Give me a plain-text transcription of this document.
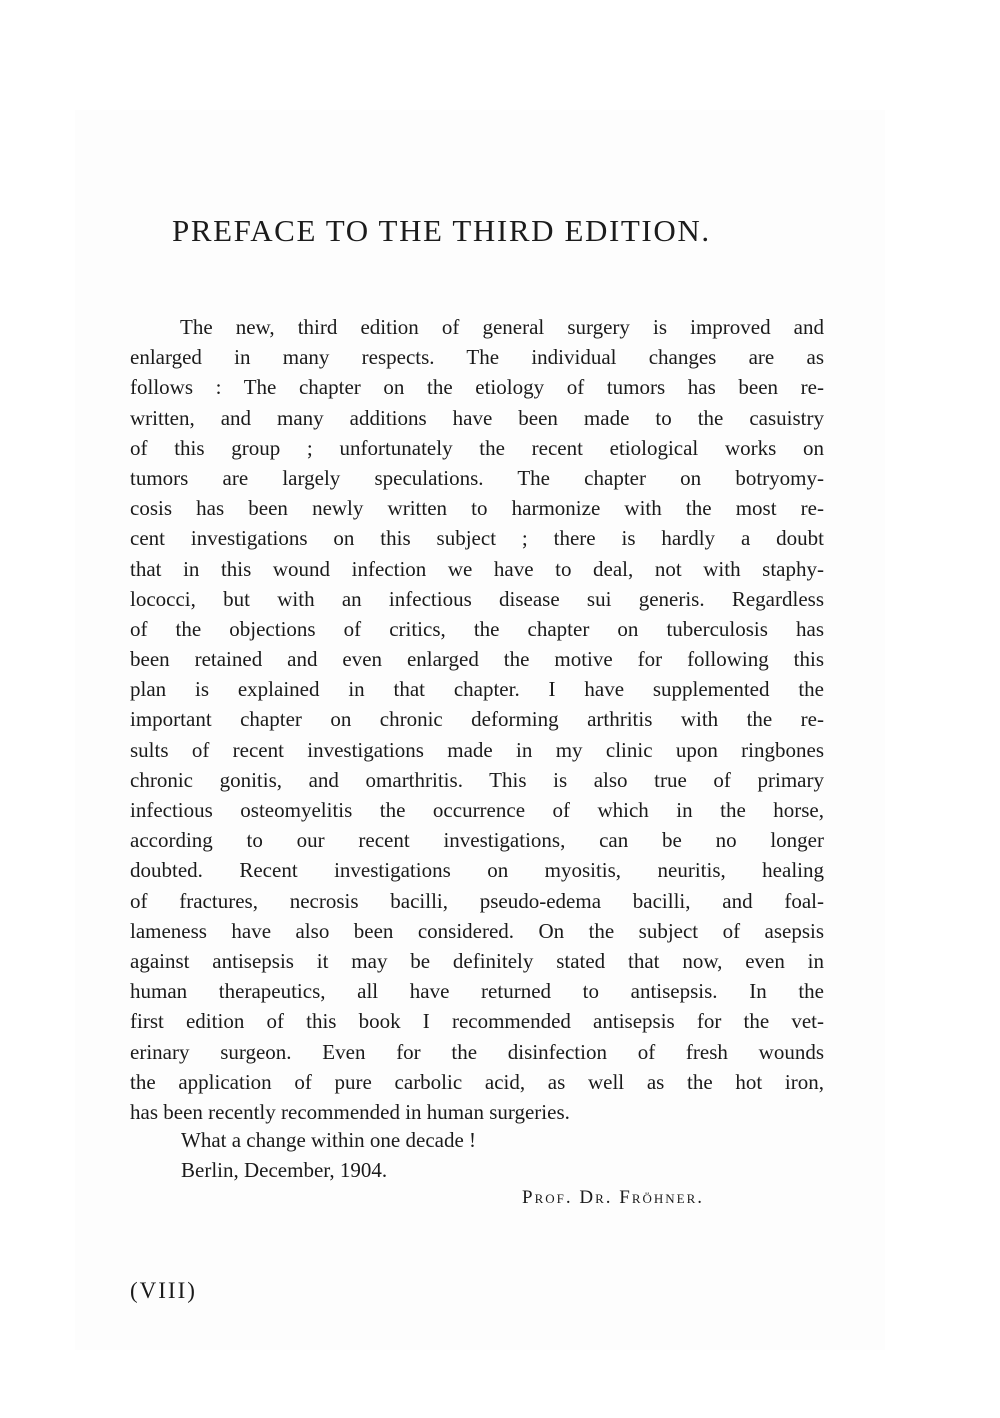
PREFACE TO THE THIRD EDITION.
The new, third edition of general surgery is improved and
enlarged in many respects. The individual changes are as
follows : The chapter on the etiology of tumors has been re-
written, and many additions have been made to the casuistry
of this group ; unfortunately the recent etiological works on
tumors are largely speculations. The chapter on botryomy-
cosis has been newly written to harmonize with the most re-
cent investigations on this subject ; there is hardly a doubt
that in this wound infection we have to deal, not with staphy-
lococci, but with an infectious disease sui generis. Regardless
of the objections of critics, the chapter on tuberculosis has
been retained and even enlarged the motive for following this
plan is explained in that chapter. I have supplemented the
important chapter on chronic deforming arthritis with the re-
sults of recent investigations made in my clinic upon ringbones
chronic gonitis, and omarthritis. This is also true of primary
infectious osteomyelitis the occurrence of which in the horse,
according to our recent investigations, can be no longer
doubted. Recent investigations on myositis, neuritis, healing
of fractures, necrosis bacilli, pseudo-edema bacilli, and foal-
lameness have also been considered. On the subject of asepsis
against antisepsis it may be definitely stated that now, even in
human therapeutics, all have returned to antisepsis. In the
first edition of this book I recommended antisepsis for the vet-
erinary surgeon. Even for the disinfection of fresh wounds
the application of pure carbolic acid, as well as the hot iron,
has been recently recommended in human surgeries.
What a change within one decade !
Berlin, December, 1904.
Prof. Dr. Fröhner.
(VIII)
